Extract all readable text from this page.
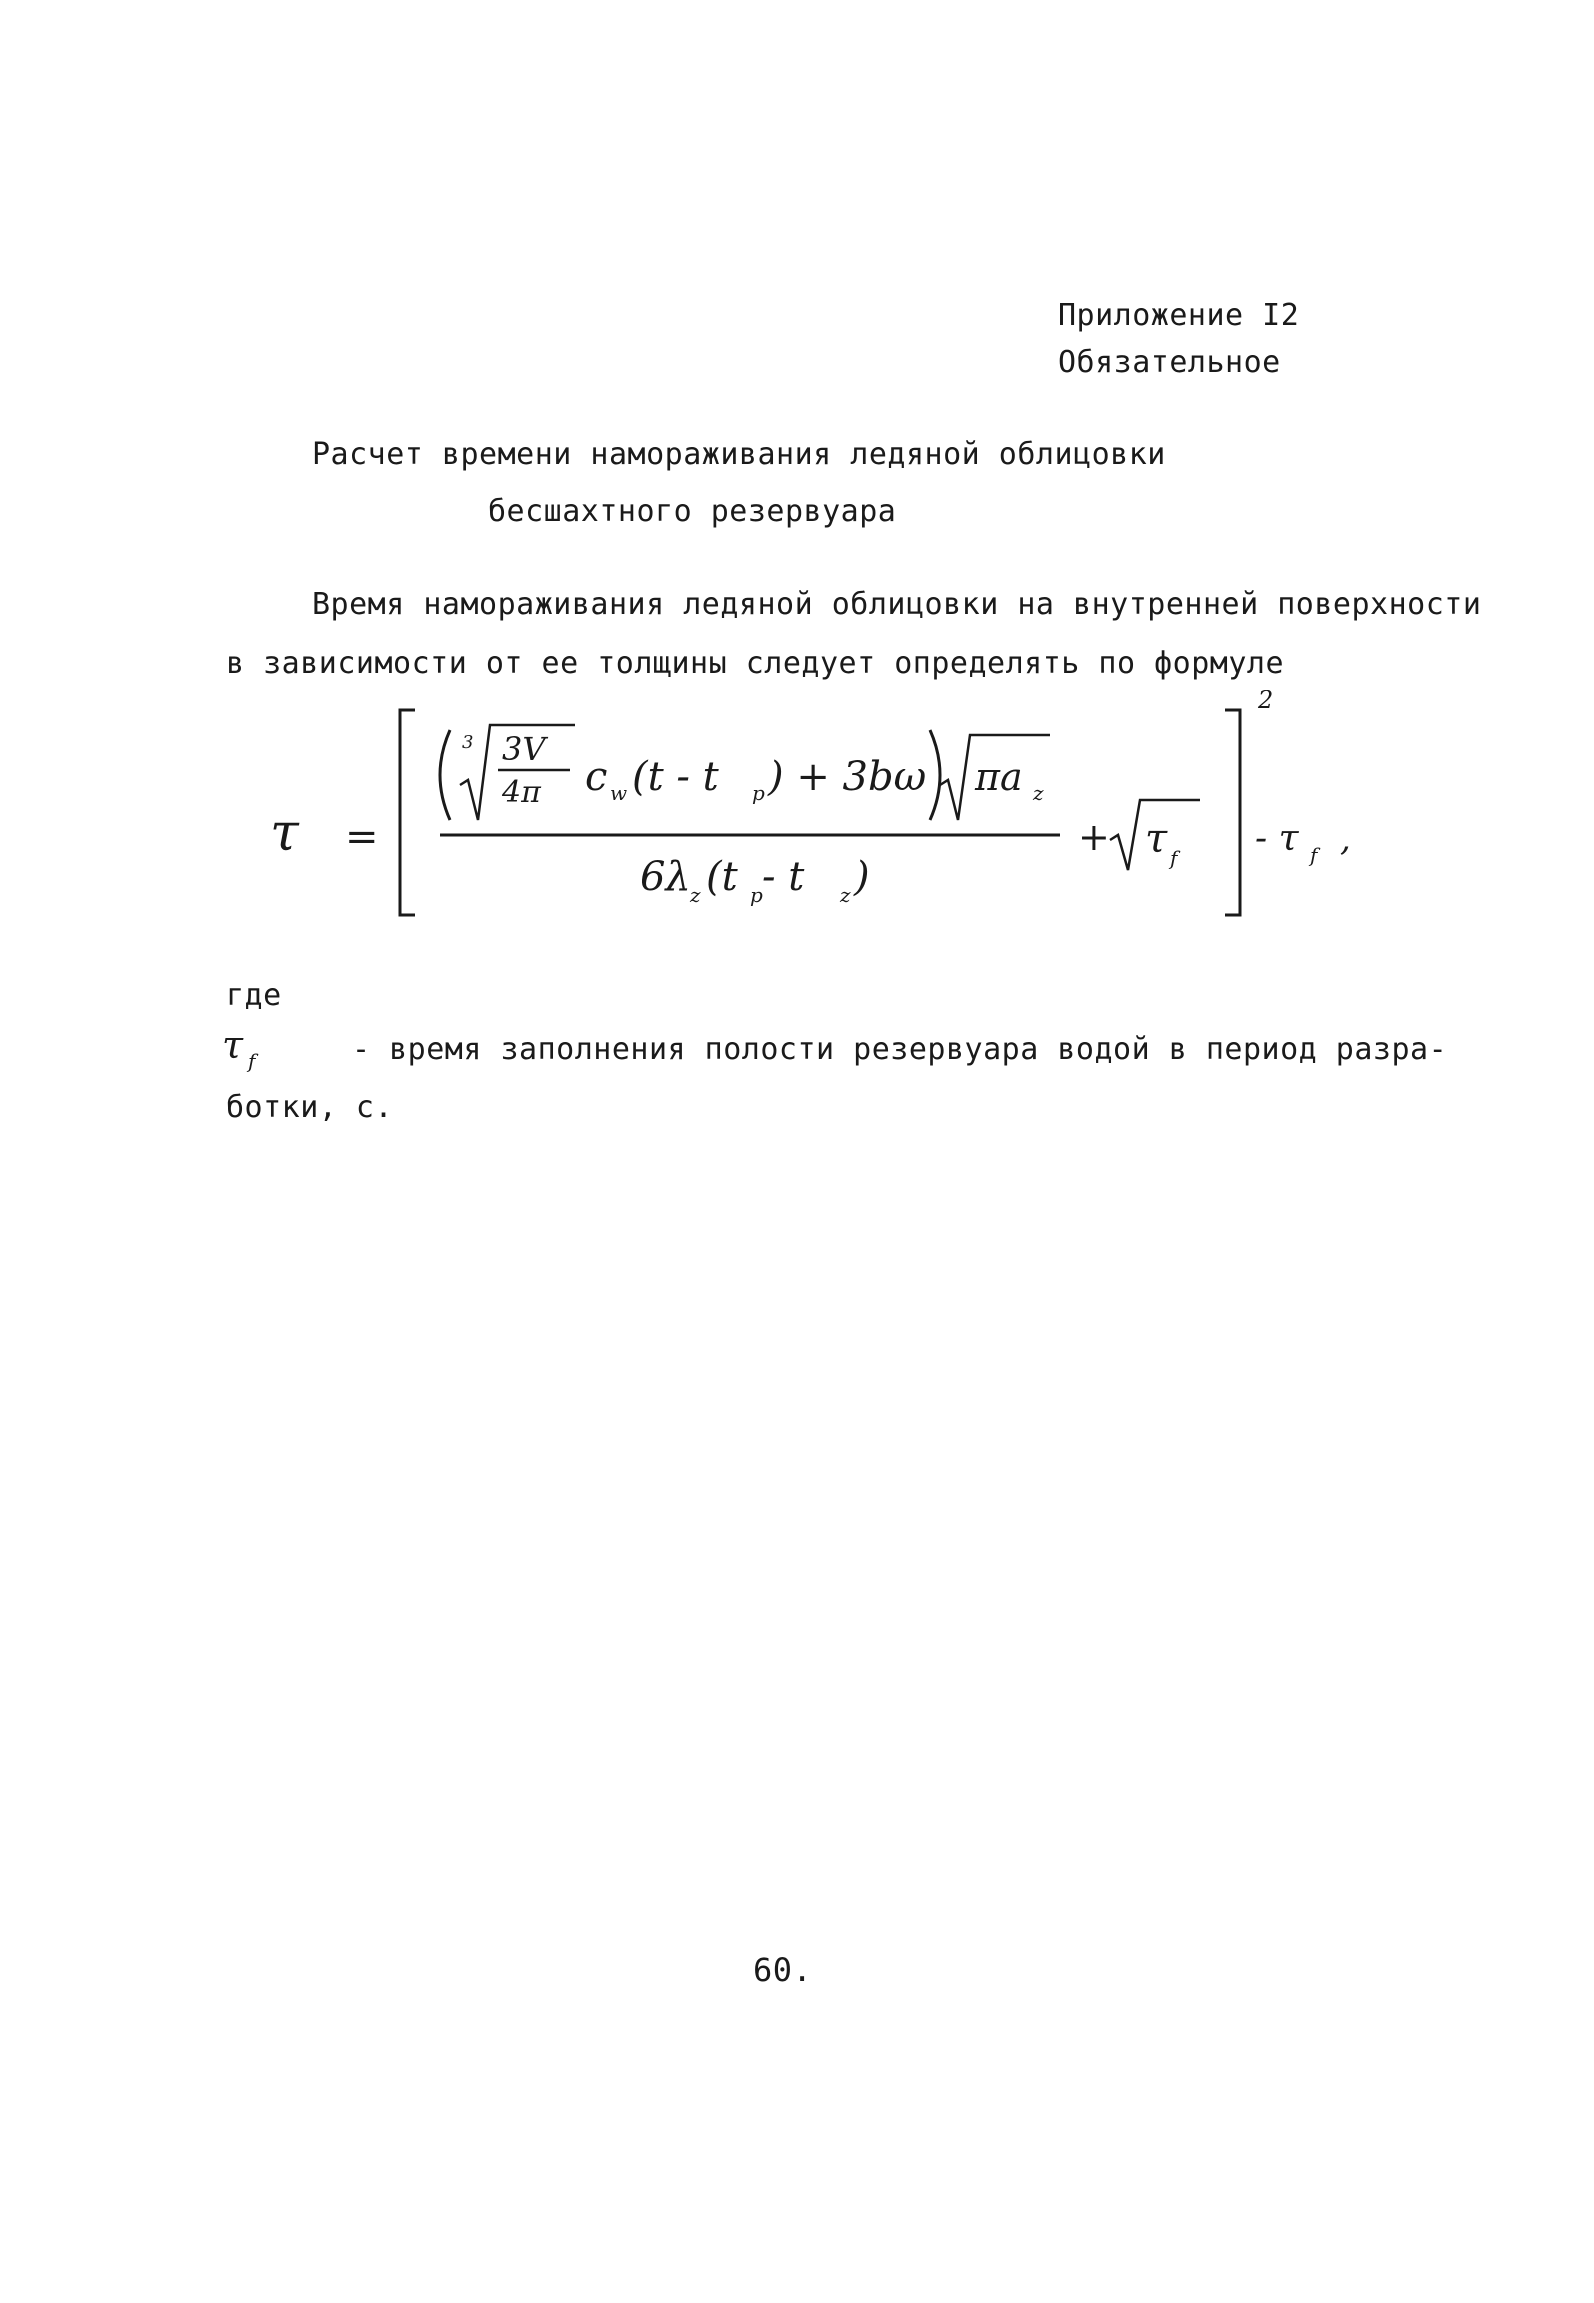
Приложение I2
Обязательное
Расчет времени намораживания ледяной облицовки
бесшахтного резервуара
Время намораживания ледяной облицовки на внутренней поверхности
в зависимости от ее толщины следует определять по формуле
τ =
3 3V
4π c w (t - t p ) + 3bω πa z
6λ z (t p - t z )
+ τ f
2
- τ f ,
где
τ f	- время заполнения полости резервуара водой в период разра-
ботки, с.
60.
